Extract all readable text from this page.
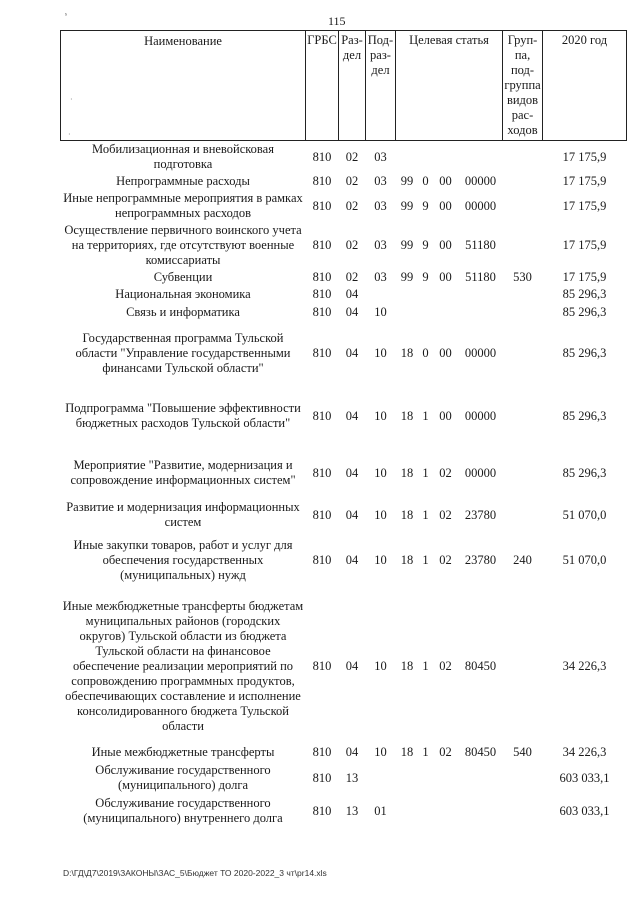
ˢ	115
Наименование	ГРБС	Раз-дел	Под-раз-дел	Целевая статья				Груп-па, под-группа видов рас-ходов	2020 год
Мобилизационная и вневойсковая подготовка	810	02	03						17 175,9
Непрограммные расходы	810	02	03	99	0	00	00000		17 175,9
Иные непрограммные мероприятия в рамках непрограммных расходов	810	02	03	99	9	00	00000		17 175,9
Осуществление первичного воинского учета на территориях, где отсутствуют военные комиссариаты	810	02	03	99	9	00	51180		17 175,9
Субвенции	810	02	03	99	9	00	51180	530	17 175,9
Национальная экономика	810	04							85 296,3
Связь и информатика	810	04	10						85 296,3
Государственная программа Тульской области "Управление государственными финансами Тульской области"	810	04	10	18	0	00	00000		85 296,3
Подпрограмма "Повышение эффективности бюджетных расходов Тульской области"	810	04	10	18	1	00	00000		85 296,3
Мероприятие "Развитие, модернизация и сопровождение информационных систем"	810	04	10	18	1	02	00000		85 296,3
Развитие и модернизация информационных систем	810	04	10	18	1	02	23780		51 070,0
Иные закупки товаров, работ и услуг для обеспечения государственных (муниципальных) нужд	810	04	10	18	1	02	23780	240	51 070,0
Иные межбюджетные трансферты бюджетам муниципальных районов (городских округов) Тульской области из бюджета Тульской области на финансовое обеспечение реализации мероприятий по сопровождению программных продуктов, обеспечивающих составление и исполнение консолидированного бюджета Тульской области	810	04	10	18	1	02	80450		34 226,3
Иные межбюджетные трансферты	810	04	10	18	1	02	80450	540	34 226,3
Обслуживание государственного (муниципального) долга	810	13							603 033,1
Обслуживание государственного (муниципального) внутреннего долга	810	13	01						603 033,1
·
·
D:\ГД\Д7\2019\ЗАКОНЫ\ЗАС_5\Бюджет ТО 2020-2022_3 чт\pr14.xls
